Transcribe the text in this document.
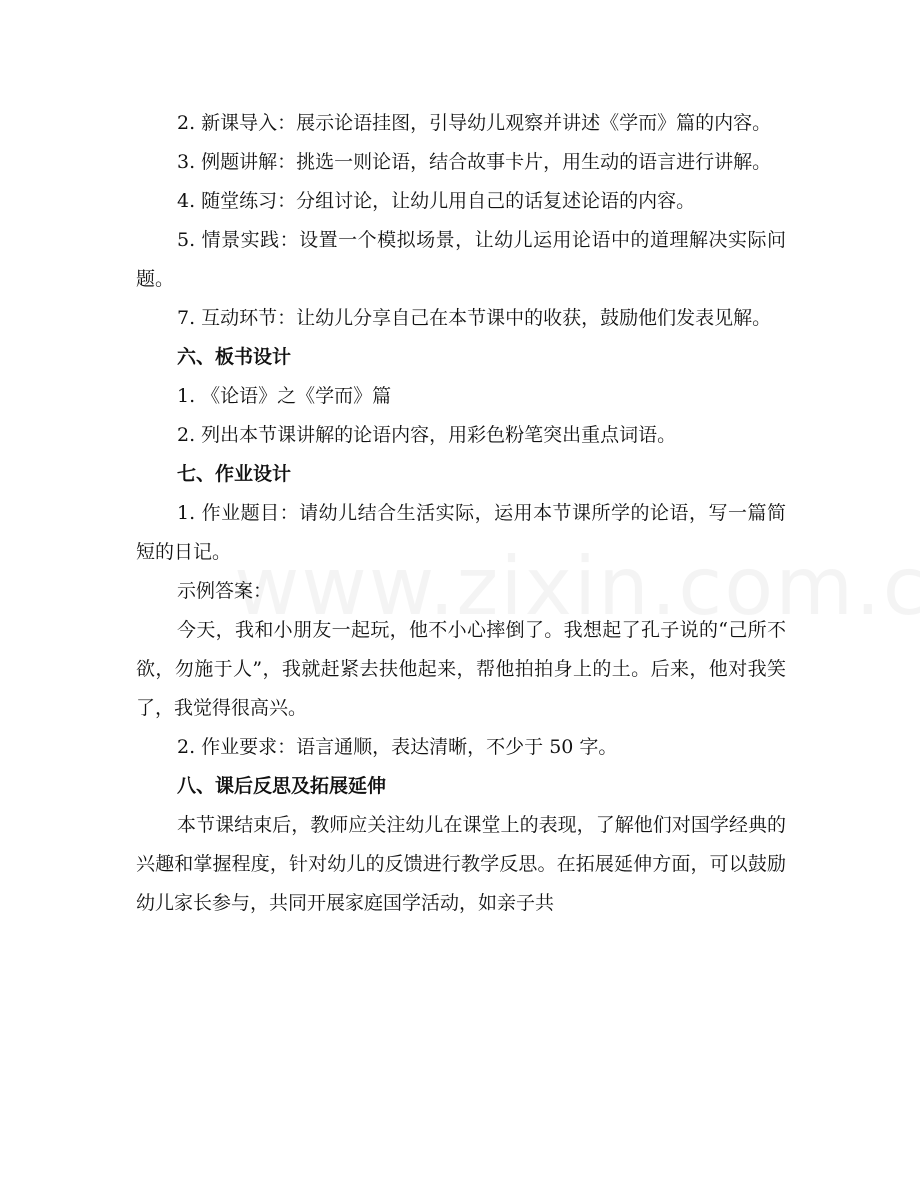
2. 新课导入：展示论语挂图，引导幼儿观察并讲述《学而》篇的内容。

3. 例题讲解：挑选一则论语，结合故事卡片，用生动的语言进行讲解。

4. 随堂练习：分组讨论，让幼儿用自己的话复述论语的内容。

5. 情景实践：设置一个模拟场景，让幼儿运用论语中的道理解决实际问题。

7. 互动环节：让幼儿分享自己在本节课中的收获，鼓励他们发表见解。

六、板书设计

1. 《论语》之《学而》篇

2. 列出本节课讲解的论语内容，用彩色粉笔突出重点词语。

七、作业设计

1. 作业题目：请幼儿结合生活实际，运用本节课所学的论语，写一篇简短的日记。

示例答案：

今天，我和小朋友一起玩，他不小心摔倒了。我想起了孔子说的“己所不欲，勿施于人”，我就赶紧去扶他起来，帮他拍拍身上的土。后来，他对我笑了，我觉得很高兴。

2. 作业要求：语言通顺，表达清晰，不少于 50 字。

八、课后反思及拓展延伸

本节课结束后，教师应关注幼儿在课堂上的表现，了解他们对国学经典的兴趣和掌握程度，针对幼儿的反馈进行教学反思。在拓展延伸方面，可以鼓励幼儿家长参与，共同开展家庭国学活动，如亲子共
